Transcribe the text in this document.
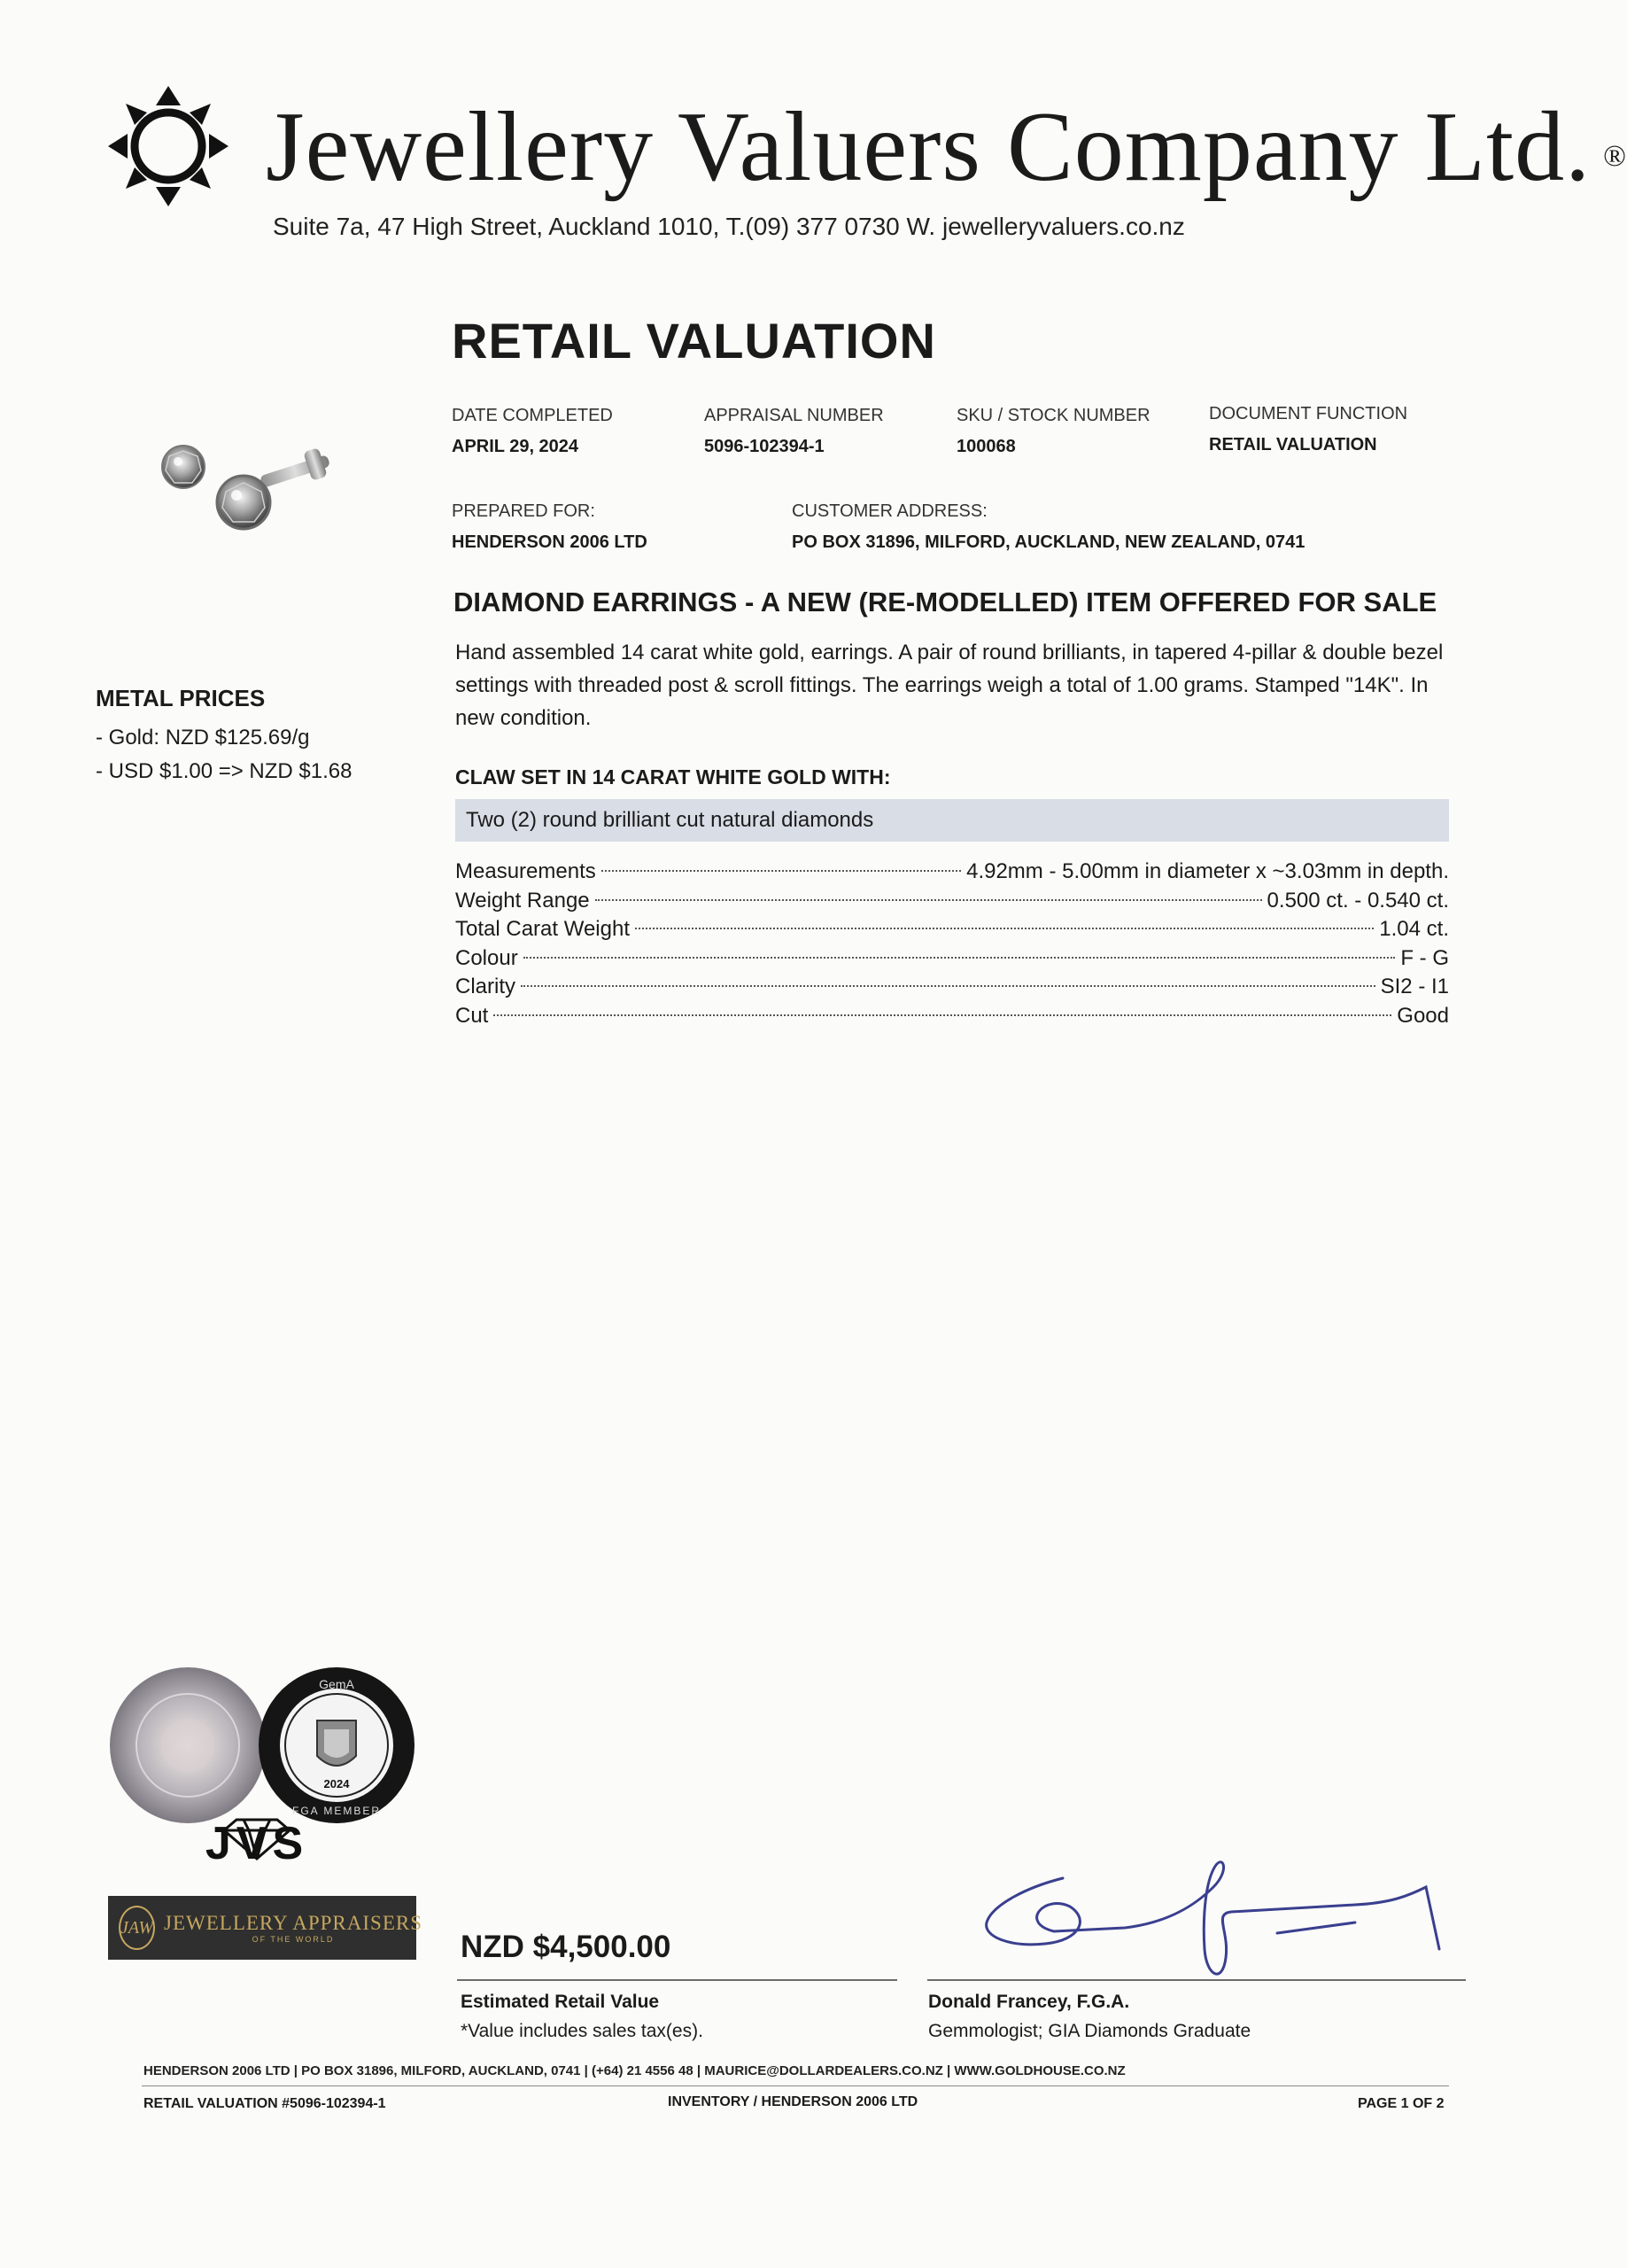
Jewellery Valuers Company Ltd. ®
Suite 7a, 47 High Street, Auckland 1010, T.(09) 377 0730 W. jewelleryvaluers.co.nz
RETAIL VALUATION
DATE COMPLETED
APRIL 29, 2024
APPRAISAL NUMBER
5096-102394-1
SKU / STOCK NUMBER
100068
DOCUMENT FUNCTION
RETAIL VALUATION
PREPARED FOR:
HENDERSON 2006 LTD
CUSTOMER ADDRESS:
PO BOX 31896, MILFORD, AUCKLAND, NEW ZEALAND, 0741
METAL PRICES
- Gold: NZD $125.69/g
- USD $1.00 => NZD $1.68
DIAMOND EARRINGS - A NEW (RE-MODELLED) ITEM OFFERED FOR SALE
Hand assembled 14 carat white gold, earrings. A pair of round brilliants, in tapered 4-pillar & double bezel settings with threaded post & scroll fittings. The earrings weigh a total of 1.00 grams. Stamped "14K". In new condition.
CLAW SET IN 14 CARAT WHITE GOLD WITH:
Two (2) round brilliant cut natural diamonds
Measurements	4.92mm - 5.00mm in diameter x ~3.03mm in depth.
Weight Range	0.500 ct. - 0.540 ct.
Total Carat Weight	1.04 ct.
Colour	F - G
Clarity	SI2 - I1
Cut	Good
GemA
2024
FGA MEMBER
JVS
JAW JEWELLERY APPRAISERS
OF THE WORLD	NZD $4,500.00
Estimated Retail Value
*Value includes sales tax(es).
Donald Francey, F.G.A.
Gemmologist; GIA Diamonds Graduate
HENDERSON 2006 LTD | PO BOX 31896, MILFORD, AUCKLAND, 0741 | (+64) 21 4556 48 | MAURICE@DOLLARDEALERS.CO.NZ | WWW.GOLDHOUSE.CO.NZ
RETAIL VALUATION #5096-102394-1	INVENTORY / HENDERSON 2006 LTD	PAGE 1 OF 2
